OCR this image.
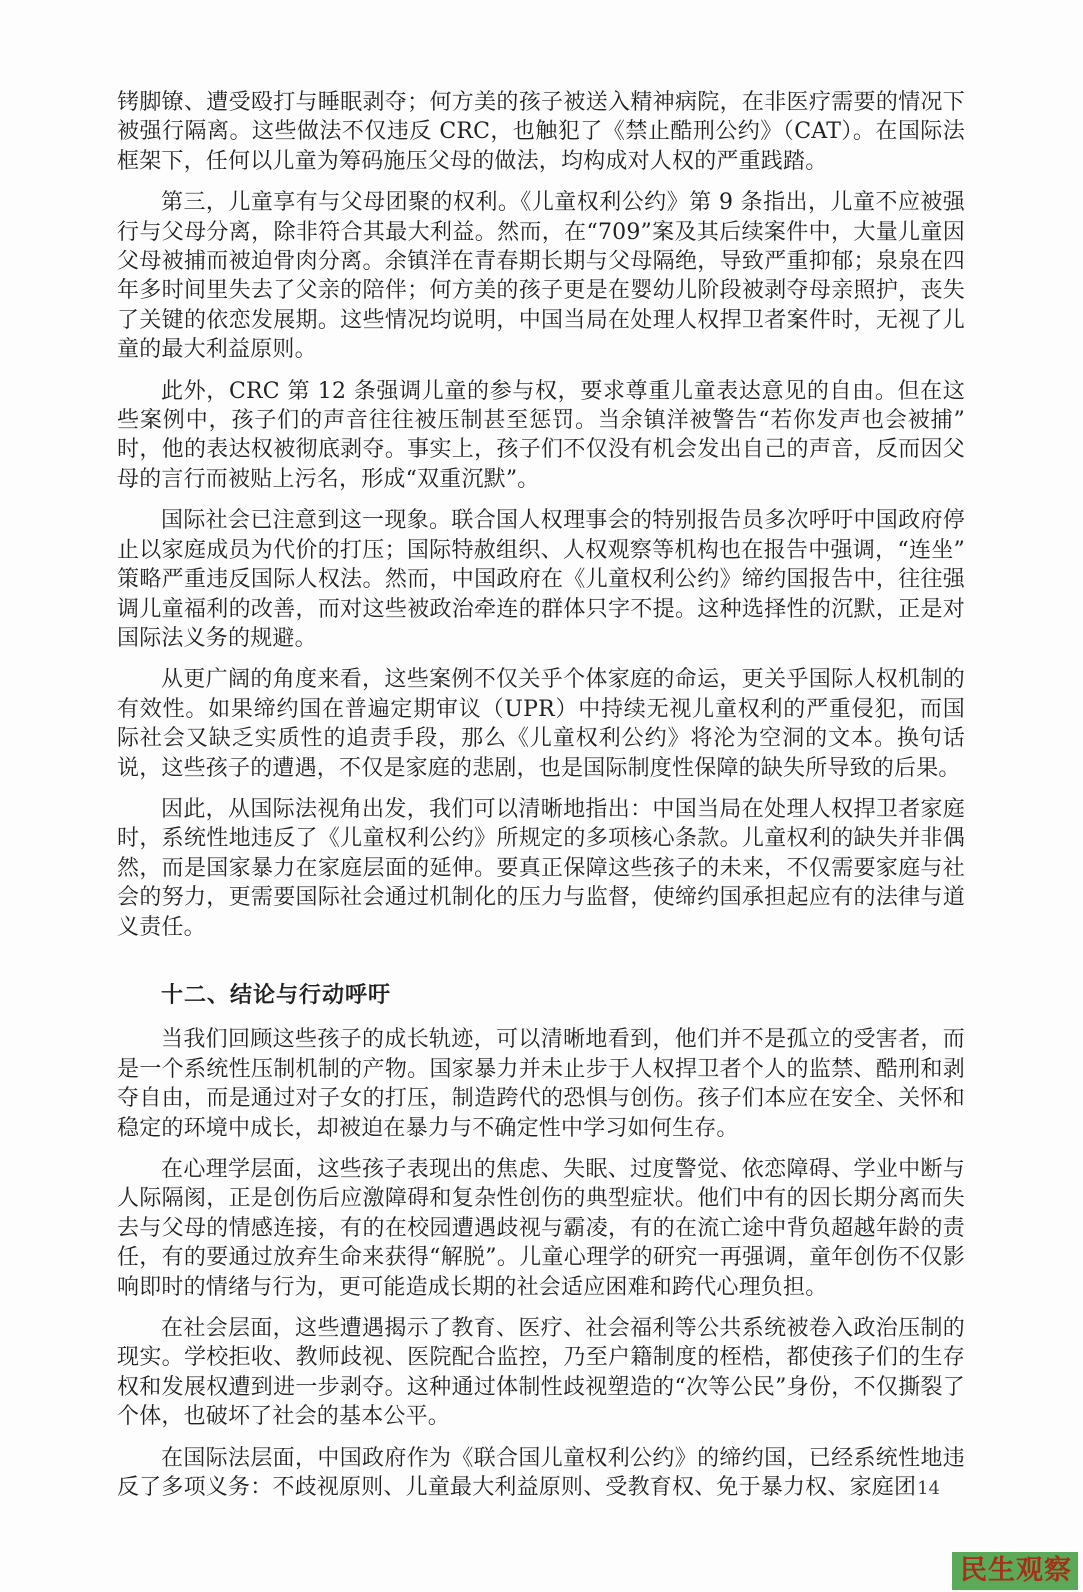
铐脚镣、遭受殴打与睡眠剥夺；何方美的孩子被送入精神病院，在非医疗需要的情况下被强行隔离。这些做法不仅违反 CRC，也触犯了《禁止酷刑公约》（CAT）。在国际法框架下，任何以儿童为筹码施压父母的做法，均构成对人权的严重践踏。

第三，儿童享有与父母团聚的权利。《儿童权利公约》第 9 条指出，儿童不应被强行与父母分离，除非符合其最大利益。然而，在“709”案及其后续案件中，大量儿童因父母被捕而被迫骨肉分离。余镇洋在青春期长期与父母隔绝，导致严重抑郁；泉泉在四年多时间里失去了父亲的陪伴；何方美的孩子更是在婴幼儿阶段被剥夺母亲照护，丧失了关键的依恋发展期。这些情况均说明，中国当局在处理人权捍卫者案件时，无视了儿童的最大利益原则。

此外，CRC 第 12 条强调儿童的参与权，要求尊重儿童表达意见的自由。但在这些案例中，孩子们的声音往往被压制甚至惩罚。当余镇洋被警告“若你发声也会被捕”时，他的表达权被彻底剥夺。事实上，孩子们不仅没有机会发出自己的声音，反而因父母的言行而被贴上污名，形成“双重沉默”。

国际社会已注意到这一现象。联合国人权理事会的特别报告员多次呼吁中国政府停止以家庭成员为代价的打压；国际特赦组织、人权观察等机构也在报告中强调，“连坐”策略严重违反国际人权法。然而，中国政府在《儿童权利公约》缔约国报告中，往往强调儿童福利的改善，而对这些被政治牵连的群体只字不提。这种选择性的沉默，正是对国际法义务的规避。

从更广阔的角度来看，这些案例不仅关乎个体家庭的命运，更关乎国际人权机制的有效性。如果缔约国在普遍定期审议（UPR）中持续无视儿童权利的严重侵犯，而国际社会又缺乏实质性的追责手段，那么《儿童权利公约》将沦为空洞的文本。换句话说，这些孩子的遭遇，不仅是家庭的悲剧，也是国际制度性保障的缺失所导致的后果。

因此，从国际法视角出发，我们可以清晰地指出：中国当局在处理人权捍卫者家庭时，系统性地违反了《儿童权利公约》所规定的多项核心条款。儿童权利的缺失并非偶然，而是国家暴力在家庭层面的延伸。要真正保障这些孩子的未来，不仅需要家庭与社会的努力，更需要国际社会通过机制化的压力与监督，使缔约国承担起应有的法律与道义责任。

十二、结论与行动呼吁

当我们回顾这些孩子的成长轨迹，可以清晰地看到，他们并不是孤立的受害者，而是一个系统性压制机制的产物。国家暴力并未止步于人权捍卫者个人的监禁、酷刑和剥夺自由，而是通过对子女的打压，制造跨代的恐惧与创伤。孩子们本应在安全、关怀和稳定的环境中成长，却被迫在暴力与不确定性中学习如何生存。

在心理学层面，这些孩子表现出的焦虑、失眠、过度警觉、依恋障碍、学业中断与人际隔阂，正是创伤后应激障碍和复杂性创伤的典型症状。他们中有的因长期分离而失去与父母的情感连接，有的在校园遭遇歧视与霸凌，有的在流亡途中背负超越年龄的责任，有的要通过放弃生命来获得“解脱”。儿童心理学的研究一再强调，童年创伤不仅影响即时的情绪与行为，更可能造成长期的社会适应困难和跨代心理负担。

在社会层面，这些遭遇揭示了教育、医疗、社会福利等公共系统被卷入政治压制的现实。学校拒收、教师歧视、医院配合监控，乃至户籍制度的桎梏，都使孩子们的生存权和发展权遭到进一步剥夺。这种通过体制性歧视塑造的“次等公民”身份，不仅撕裂了个体，也破坏了社会的基本公平。

在国际法层面，中国政府作为《联合国儿童权利公约》的缔约国，已经系统性地违反了多项义务：不歧视原则、儿童最大利益原则、受教育权、免于暴力权、家庭团 14
民生观察
